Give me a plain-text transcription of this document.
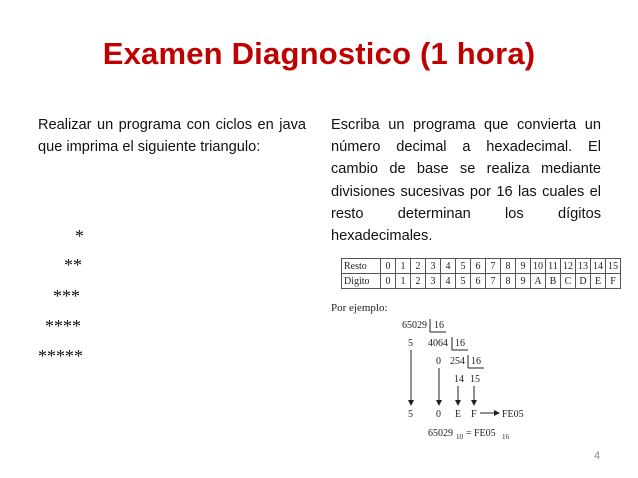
Examen Diagnostico (1 hora)

Realizar un programa con ciclos en java que imprima el siguiente triangulo:

*
**
***
****
*****

Escriba un programa que convierta un número decimal a hexadecimal. El cambio de base se realiza mediante divisiones sucesivas por 16 las cuales el resto determinan los dígitos hexadecimales.

Resto	0	1	2	3	4	5	6	7	8	9	10	11	12	13	14	15
Digito	0	1	2	3	4	5	6	7	8	9	A	B	C	D	E	F
Por ejemplo:
65029 16
5 4064 16
0 254 16
14 15
5 0 E F	FE05
65029 10 = FE05 16
4
